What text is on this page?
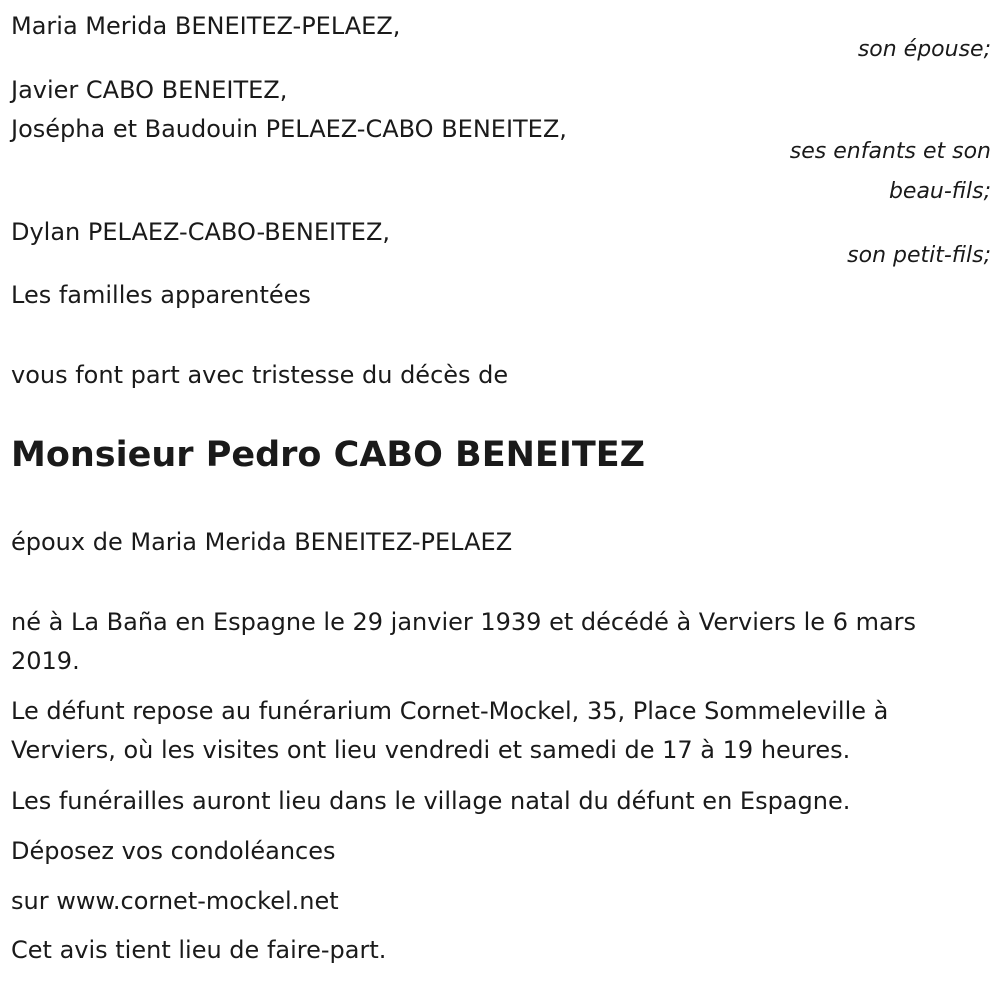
Maria Merida BENEITEZ-PELAEZ,
son épouse;
Javier CABO BENEITEZ,
Josépha et Baudouin PELAEZ-CABO BENEITEZ,
ses enfants et son
beau-fils;
Dylan PELAEZ-CABO-BENEITEZ,
son petit-fils;
Les familles apparentées
vous font part avec tristesse du décès de
Monsieur Pedro CABO BENEITEZ
époux de Maria Merida BENEITEZ-PELAEZ
né à La Baña en Espagne le 29 janvier 1939 et décédé à Verviers le 6 mars 2019.
Le défunt repose au funérarium Cornet-Mockel, 35, Place Sommeleville à Verviers, où les visites ont lieu vendredi et samedi de 17 à 19 heures.
Les funérailles auront lieu dans le village natal du défunt en Espagne.
Déposez vos condoléances
sur www.cornet-mockel.net
Cet avis tient lieu de faire-part.
